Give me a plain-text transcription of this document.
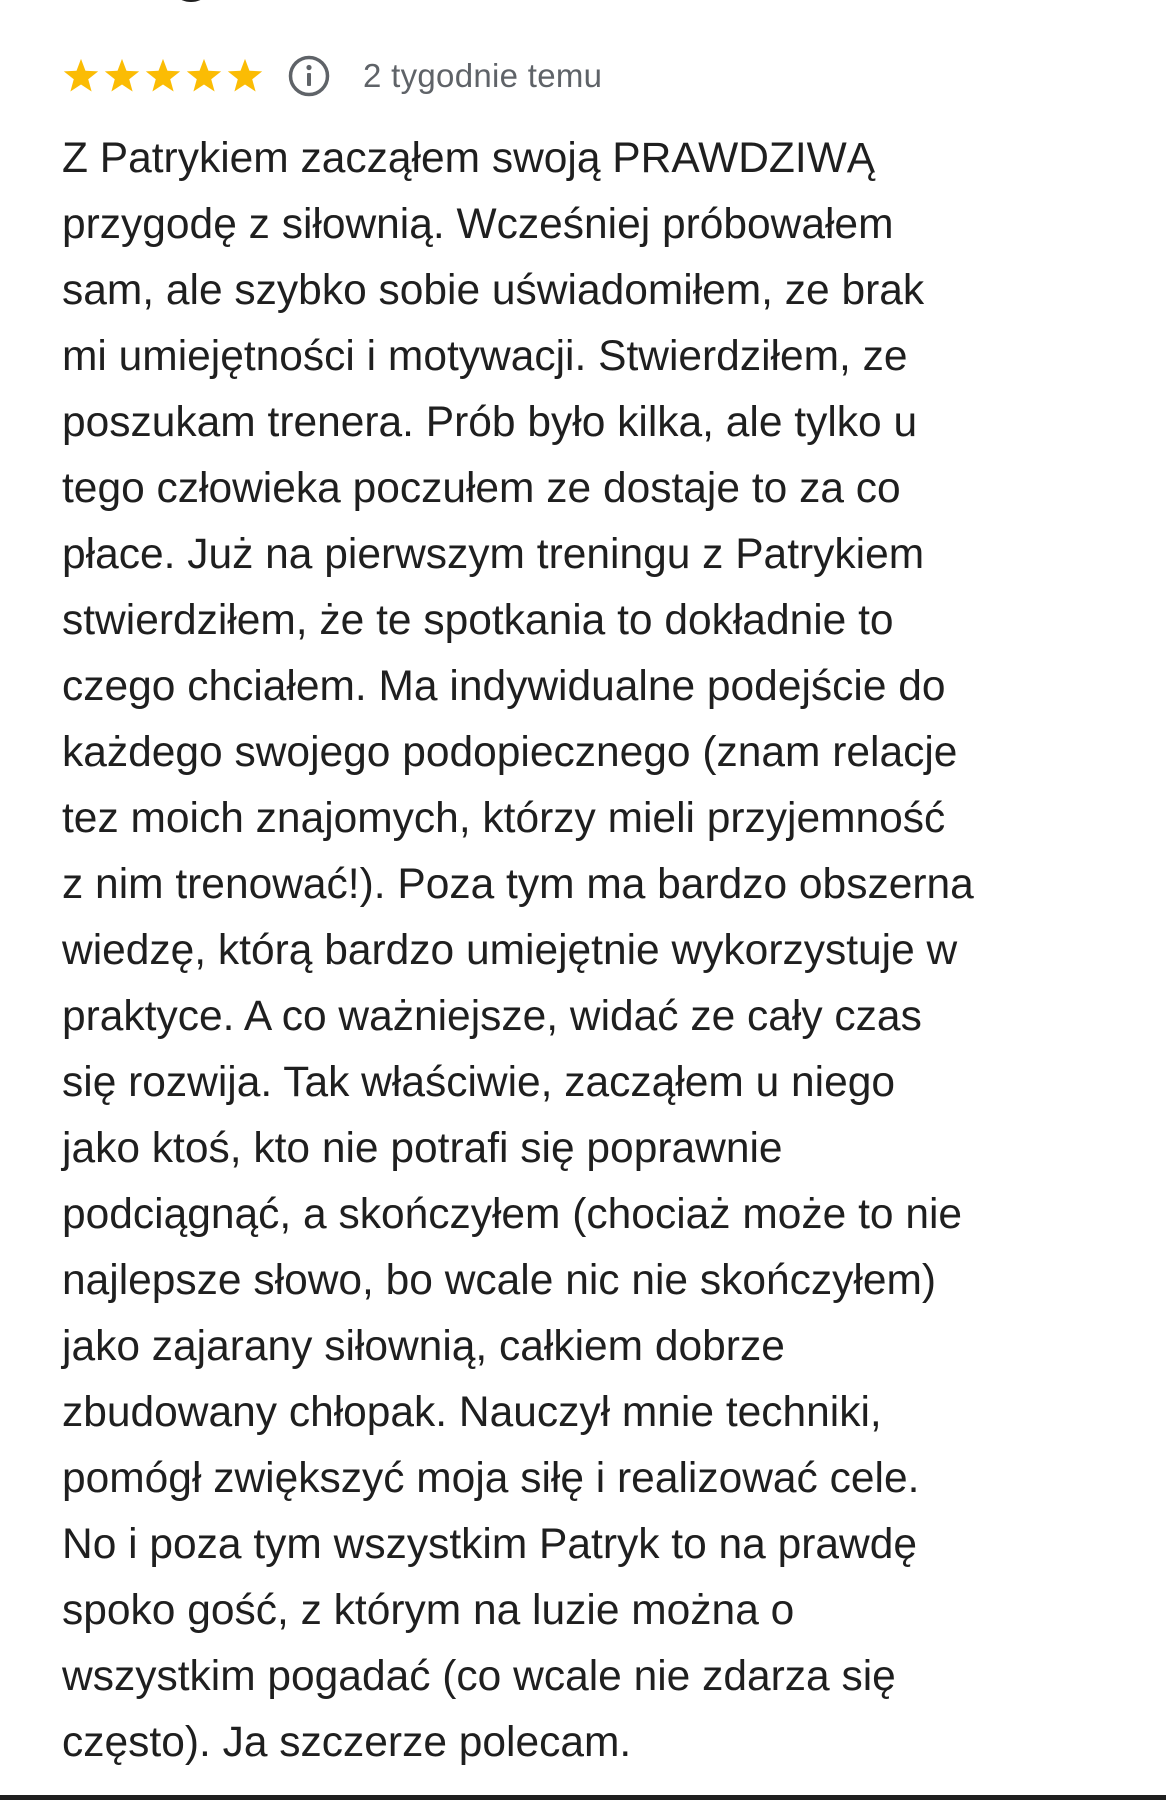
2 tygodnie temu

Z Patrykiem zacząłem swoją PRAWDZIWĄ
przygodę z siłownią. Wcześniej próbowałem
sam, ale szybko sobie uświadomiłem, ze brak
mi umiejętności i motywacji. Stwierdziłem, ze
poszukam trenera. Prób było kilka, ale tylko u
tego człowieka poczułem ze dostaje to za co
płace. Już na pierwszym treningu z Patrykiem
stwierdziłem, że te spotkania to dokładnie to
czego chciałem. Ma indywidualne podejście do
każdego swojego podopiecznego (znam relacje
tez moich znajomych, którzy mieli przyjemność
z nim trenować!). Poza tym ma bardzo obszerna
wiedzę, którą bardzo umiejętnie wykorzystuje w
praktyce. A co ważniejsze, widać ze cały czas
się rozwija. Tak właściwie, zacząłem u niego
jako ktoś, kto nie potrafi się poprawnie
podciągnąć, a skończyłem (chociaż może to nie
najlepsze słowo, bo wcale nic nie skończyłem)
jako zajarany siłownią, całkiem dobrze
zbudowany chłopak. Nauczył mnie techniki,
pomógł zwiększyć moja siłę i realizować cele.
No i poza tym wszystkim Patryk to na prawdę
spoko gość, z którym na luzie można o
wszystkim pogadać (co wcale nie zdarza się
często). Ja szczerze polecam.
